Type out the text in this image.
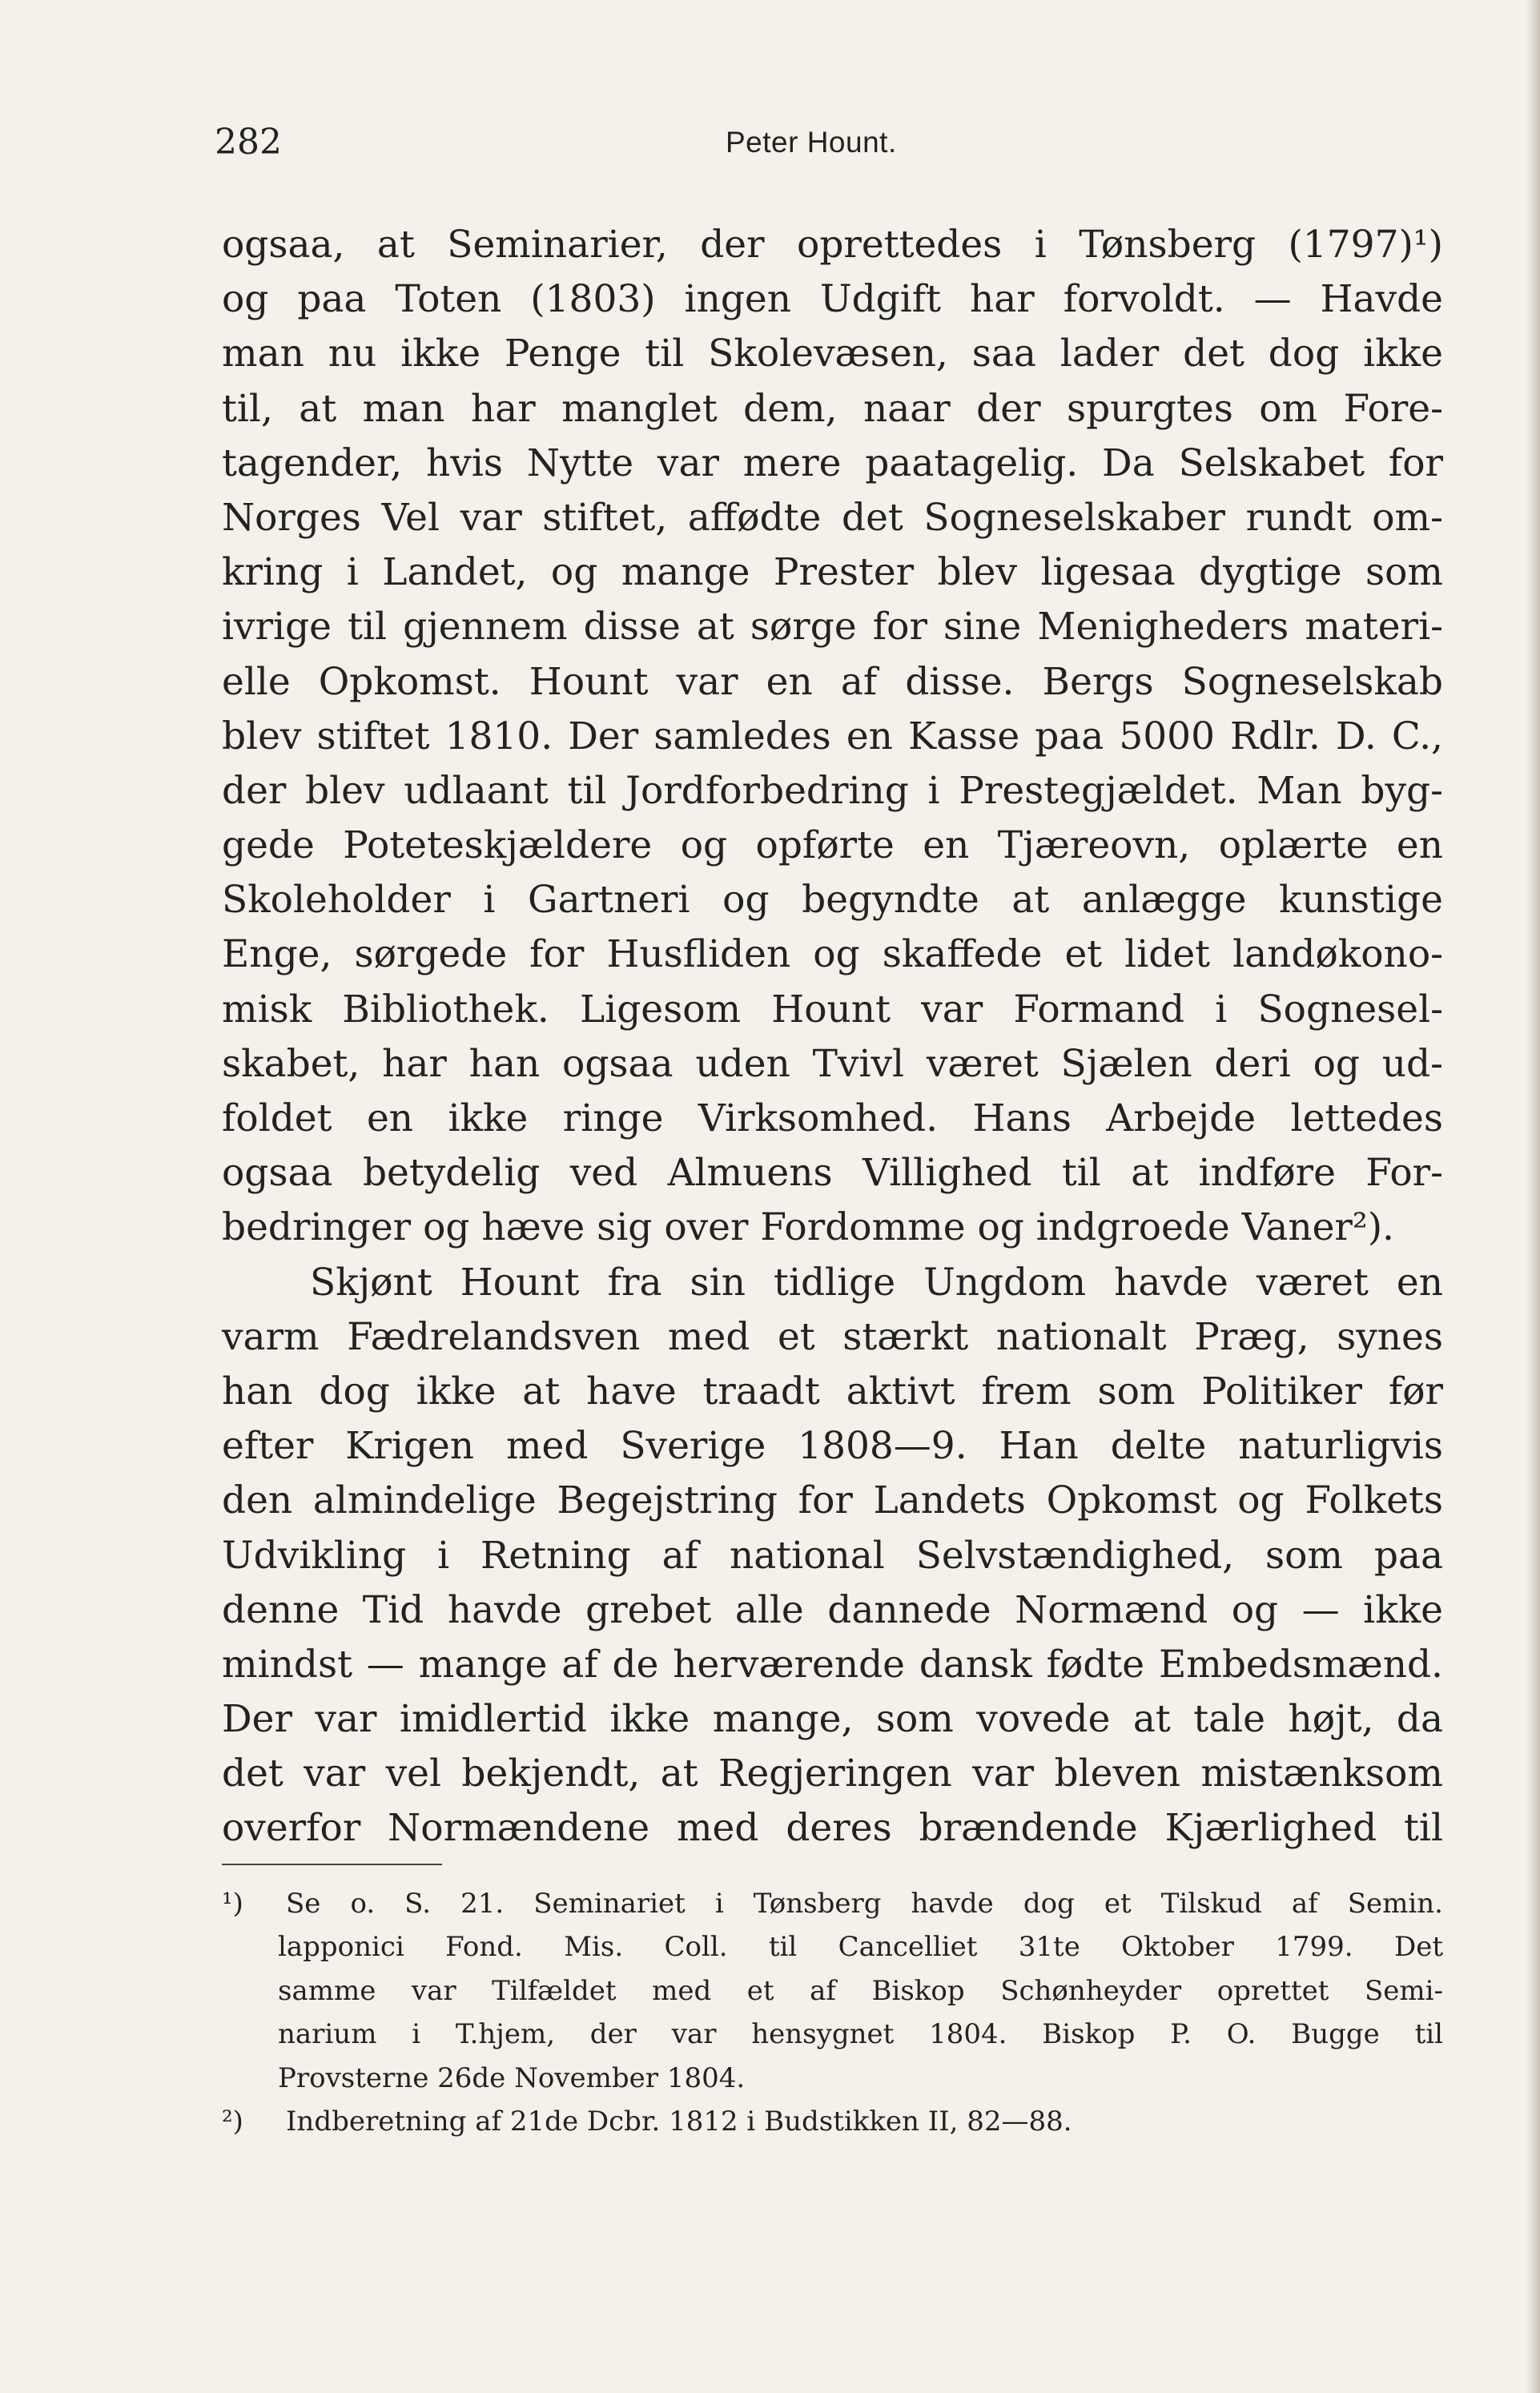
282	Peter Hount.
ogsaa, at Seminarier, der oprettedes i Tønsberg (1797)¹)
og paa Toten (1803) ingen Udgift har forvoldt. — Havde
man nu ikke Penge til Skolevæsen, saa lader det dog ikke
til, at man har manglet dem, naar der spurgtes om Fore-
tagender, hvis Nytte var mere paatagelig. Da Selskabet for
Norges Vel var stiftet, affødte det Sogneselskaber rundt om-
kring i Landet, og mange Prester blev ligesaa dygtige som
ivrige til gjennem disse at sørge for sine Menigheders materi-
elle Opkomst. Hount var en af disse. Bergs Sogneselskab
blev stiftet 1810. Der samledes en Kasse paa 5000 Rdlr. D. C.,
der blev udlaant til Jordforbedring i Prestegjældet. Man byg-
gede Poteteskjældere og opførte en Tjæreovn, oplærte en
Skoleholder i Gartneri og begyndte at anlægge kunstige
Enge, sørgede for Husfliden og skaffede et lidet landøkono-
misk Bibliothek. Ligesom Hount var Formand i Sognesel-
skabet, har han ogsaa uden Tvivl været Sjælen deri og ud-
foldet en ikke ringe Virksomhed. Hans Arbejde lettedes
ogsaa betydelig ved Almuens Villighed til at indføre For-
bedringer og hæve sig over Fordomme og indgroede Vaner²).
Skjønt Hount fra sin tidlige Ungdom havde været en
varm Fædrelandsven med et stærkt nationalt Præg, synes
han dog ikke at have traadt aktivt frem som Politiker før
efter Krigen med Sverige 1808—9. Han delte naturligvis
den almindelige Begejstring for Landets Opkomst og Folkets
Udvikling i Retning af national Selvstændighed, som paa
denne Tid havde grebet alle dannede Normænd og — ikke
mindst — mange af de herværende dansk fødte Embedsmænd.
Der var imidlertid ikke mange, som vovede at tale højt, da
det var vel bekjendt, at Regjeringen var bleven mistænksom
overfor Normændene med deres brændende Kjærlighed til
¹) Se o. S. 21. Seminariet i Tønsberg havde dog et Tilskud af Semin.
lapponici Fond. Mis. Coll. til Cancelliet 31te Oktober 1799. Det
samme var Tilfældet med et af Biskop Schønheyder oprettet Semi-
narium i T.hjem, der var hensygnet 1804. Biskop P. O. Bugge til
Provsterne 26de November 1804.
²) Indberetning af 21de Dcbr. 1812 i Budstikken II, 82—88.
